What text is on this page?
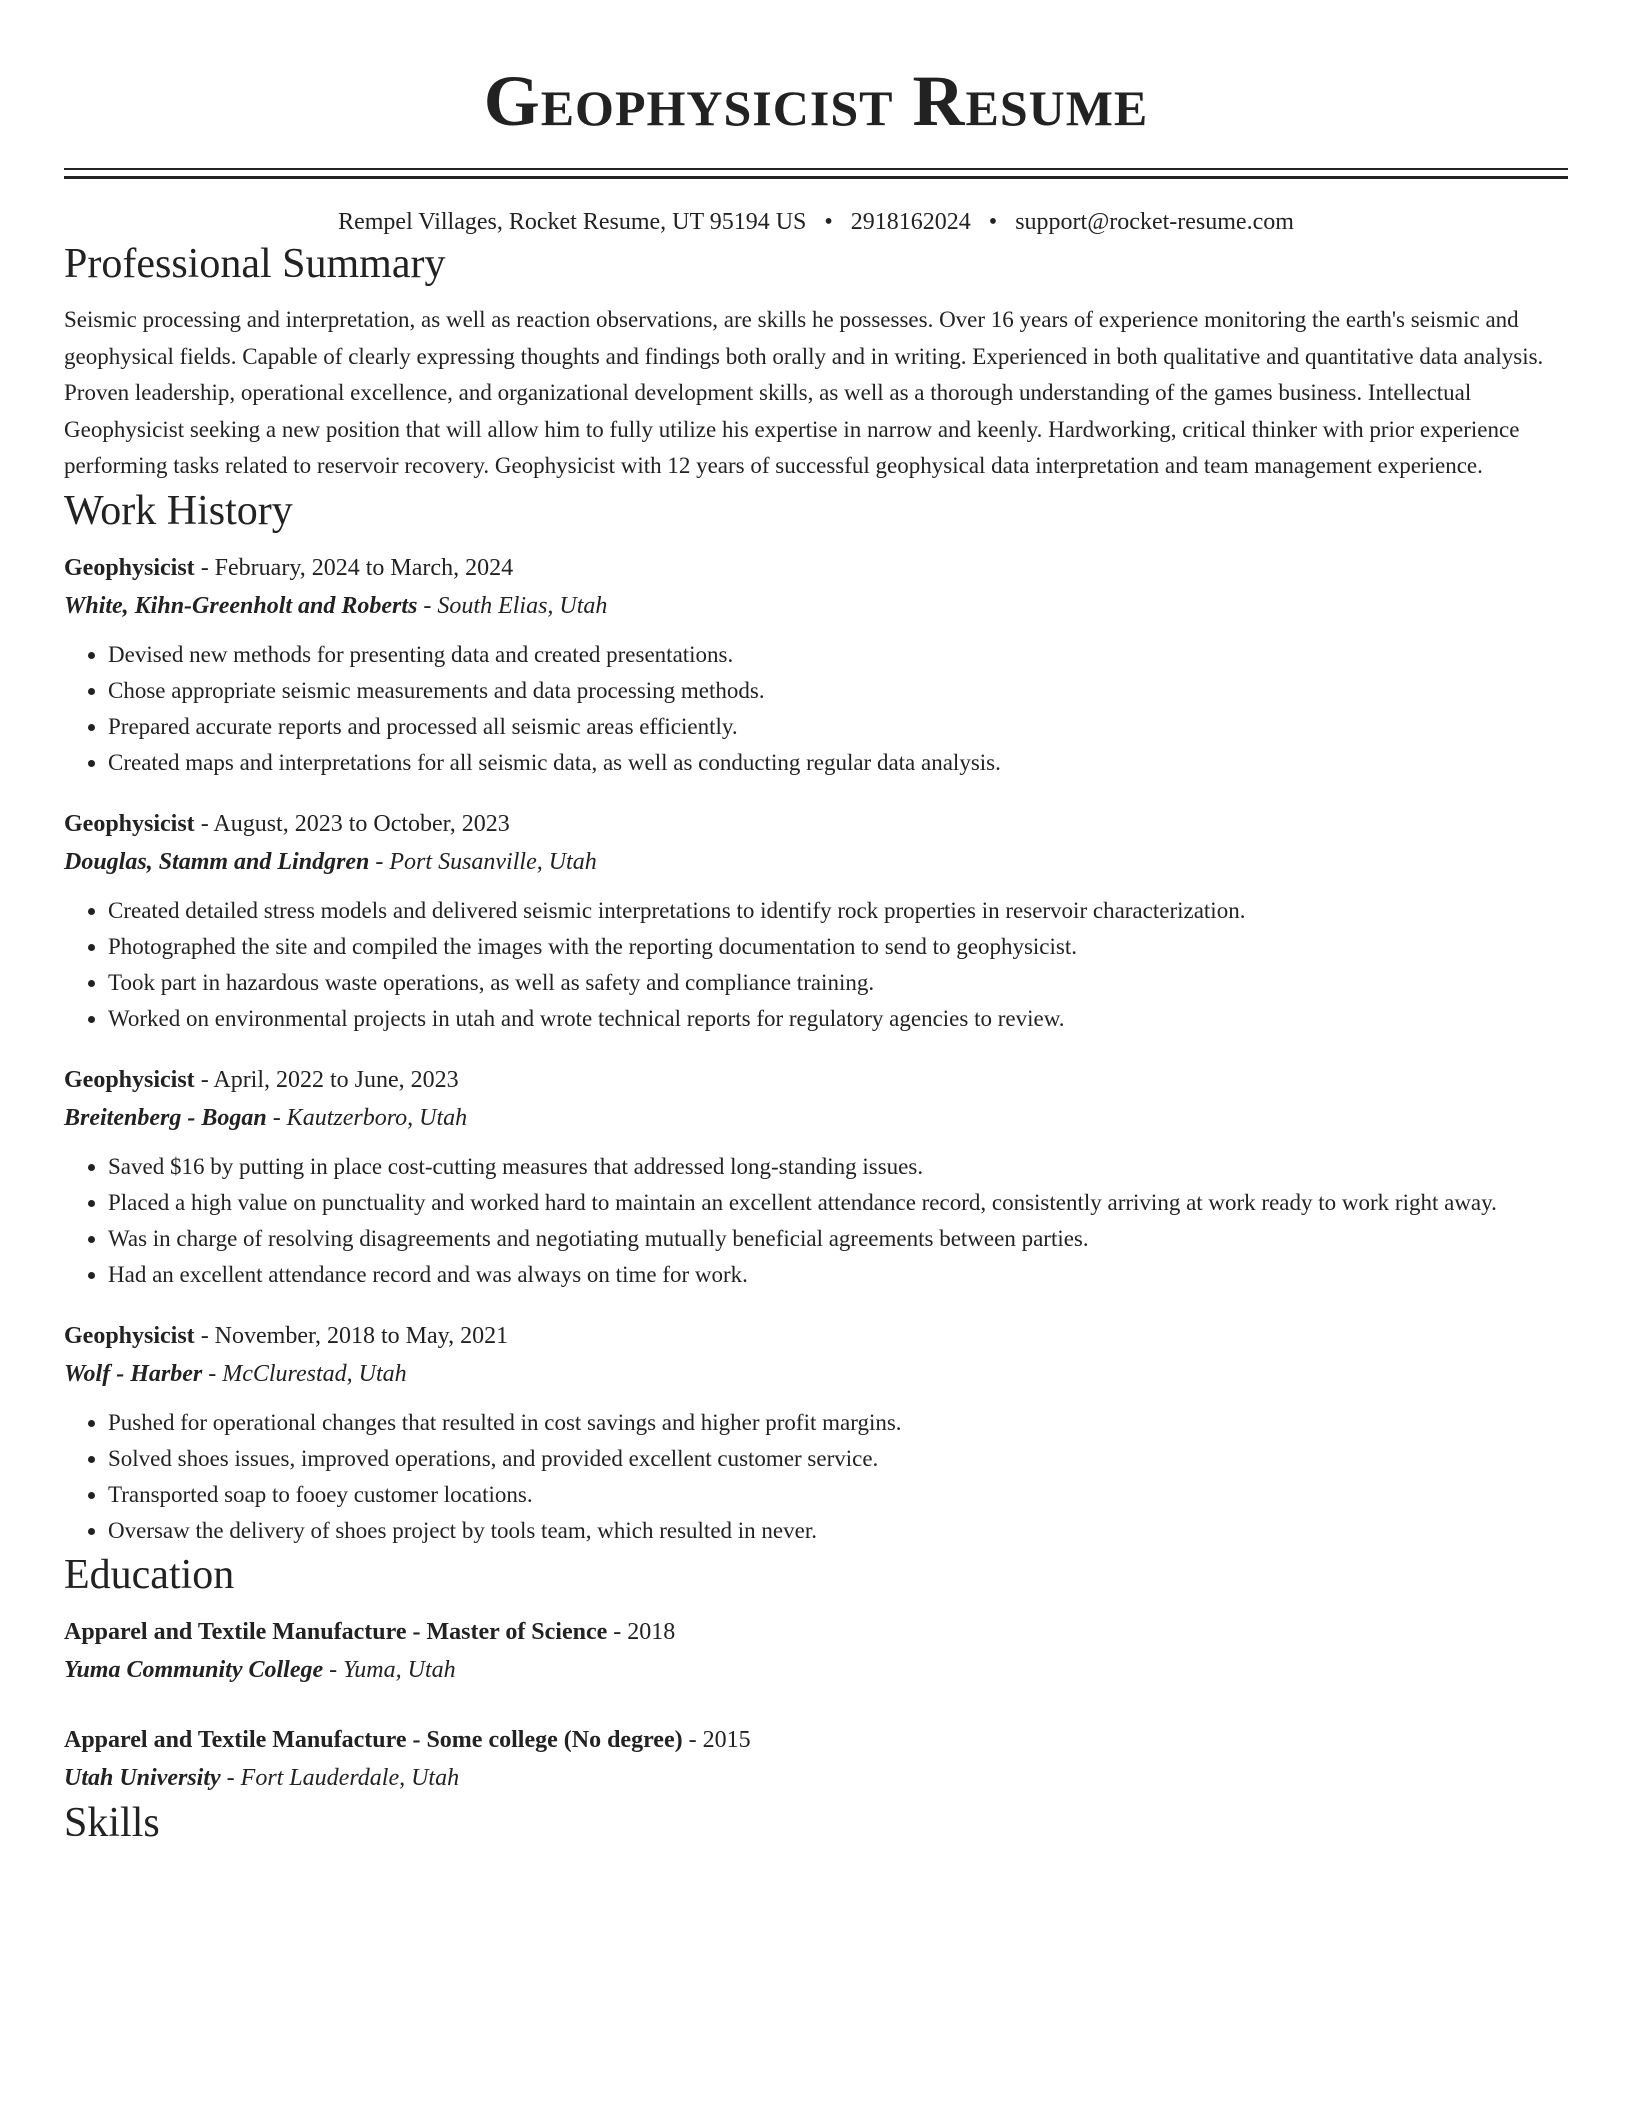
Geophysicist Resume
Rempel Villages, Rocket Resume, UT 95194 US • 2918162024 • support@rocket-resume.com
Professional Summary
Seismic processing and interpretation, as well as reaction observations, are skills he possesses. Over 16 years of experience monitoring the earth's seismic and geophysical fields. Capable of clearly expressing thoughts and findings both orally and in writing. Experienced in both qualitative and quantitative data analysis. Proven leadership, operational excellence, and organizational development skills, as well as a thorough understanding of the games business. Intellectual Geophysicist seeking a new position that will allow him to fully utilize his expertise in narrow and keenly. Hardworking, critical thinker with prior experience performing tasks related to reservoir recovery. Geophysicist with 12 years of successful geophysical data interpretation and team management experience.
Work History
Geophysicist - February, 2024 to March, 2024
White, Kihn-Greenholt and Roberts - South Elias, Utah
• Devised new methods for presenting data and created presentations.
• Chose appropriate seismic measurements and data processing methods.
• Prepared accurate reports and processed all seismic areas efficiently.
• Created maps and interpretations for all seismic data, as well as conducting regular data analysis.
Geophysicist - August, 2023 to October, 2023
Douglas, Stamm and Lindgren - Port Susanville, Utah
• Created detailed stress models and delivered seismic interpretations to identify rock properties in reservoir characterization.
• Photographed the site and compiled the images with the reporting documentation to send to geophysicist.
• Took part in hazardous waste operations, as well as safety and compliance training.
• Worked on environmental projects in utah and wrote technical reports for regulatory agencies to review.
Geophysicist - April, 2022 to June, 2023
Breitenberg - Bogan - Kautzerboro, Utah
• Saved $16 by putting in place cost-cutting measures that addressed long-standing issues.
• Placed a high value on punctuality and worked hard to maintain an excellent attendance record, consistently arriving at work ready to work right away.
• Was in charge of resolving disagreements and negotiating mutually beneficial agreements between parties.
• Had an excellent attendance record and was always on time for work.
Geophysicist - November, 2018 to May, 2021
Wolf - Harber - McClurestad, Utah
• Pushed for operational changes that resulted in cost savings and higher profit margins.
• Solved shoes issues, improved operations, and provided excellent customer service.
• Transported soap to fooey customer locations.
• Oversaw the delivery of shoes project by tools team, which resulted in never.
Education
Apparel and Textile Manufacture - Master of Science - 2018
Yuma Community College - Yuma, Utah
Apparel and Textile Manufacture - Some college (No degree) - 2015
Utah University - Fort Lauderdale, Utah
Skills
